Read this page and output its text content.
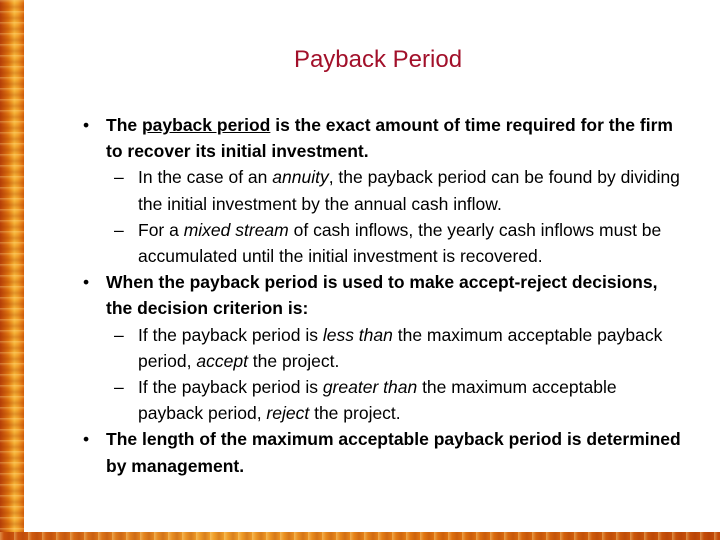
Payback Period
• The payback period is the exact amount of time required for the firm to recover its initial investment.
– In the case of an annuity, the payback period can be found by dividing the initial investment by the annual cash inflow.
– For a mixed stream of cash inflows, the yearly cash inflows must be accumulated until the initial investment is recovered.
• When the payback period is used to make accept-reject decisions, the decision criterion is:
– If the payback period is less than the maximum acceptable payback period, accept the project.
– If the payback period is greater than the maximum acceptable payback period, reject the project.
• The length of the maximum acceptable payback period is determined by management.
